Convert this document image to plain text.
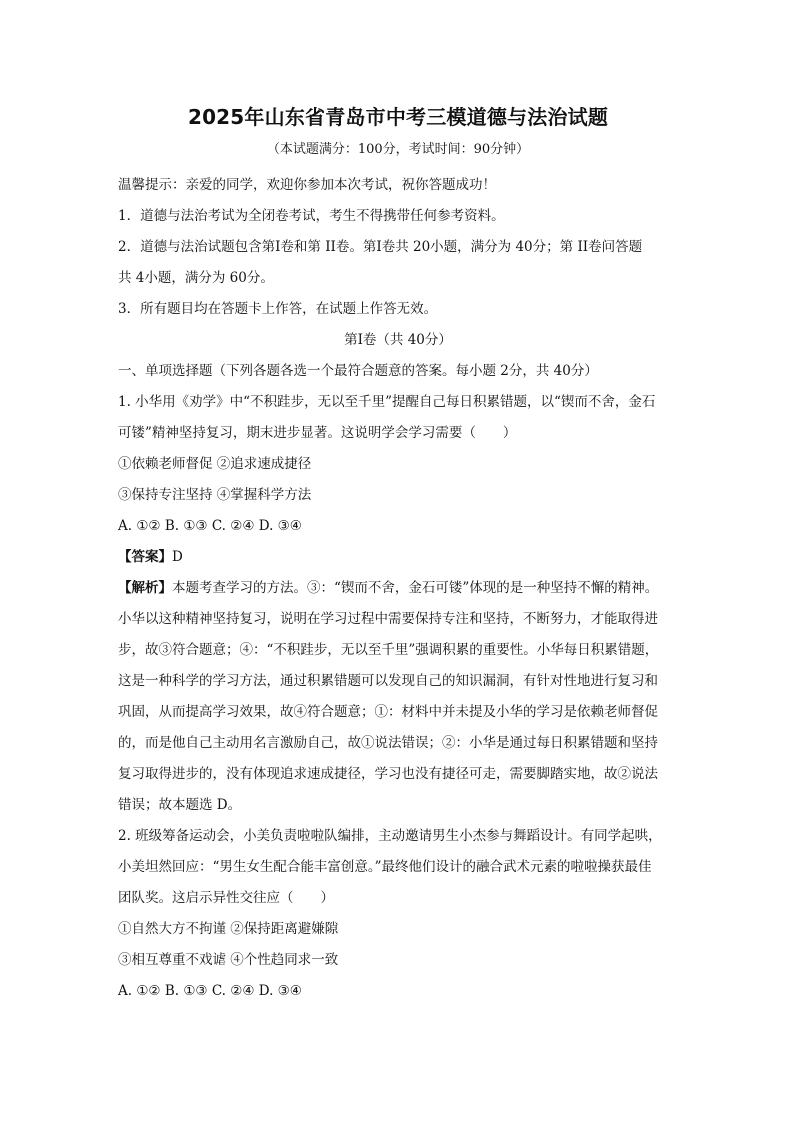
2025年山东省青岛市中考三模道德与法治试题

（本试题满分：100分，考试时间：90分钟）

温馨提示：亲爱的同学，欢迎你参加本次考试，祝你答题成功！

1．道德与法治考试为全闭卷考试，考生不得携带任何参考资料。

2．道德与法治试题包含第Ⅰ卷和第 II卷。第Ⅰ卷共 20小题，满分为 40分；第 II卷问答题

共 4小题，满分为 60分。

3．所有题目均在答题卡上作答，在试题上作答无效。

第Ⅰ卷（共 40分）

一、单项选择题（下列各题各选一个最符合题意的答案。每小题 2分，共 40分）

1. 小华用《劝学》中“不积跬步，无以至千里”提醒自己每日积累错题，以“锲而不舍，金石

可镂”精神坚持复习，期末进步显著。这说明学会学习需要（　　）

①依赖老师督促 ②追求速成捷径

③保持专注坚持 ④掌握科学方法

A. ①② B. ①③ C. ②④ D. ③④

【答案】D

【解析】本题考查学习的方法。③：“锲而不舍，金石可镂”体现的是一种坚持不懈的精神。

小华以这种精神坚持复习，说明在学习过程中需要保持专注和坚持，不断努力，才能取得进

步，故③符合题意；④：“不积跬步，无以至千里”强调积累的重要性。小华每日积累错题，

这是一种科学的学习方法，通过积累错题可以发现自己的知识漏洞，有针对性地进行复习和

巩固，从而提高学习效果，故④符合题意；①：材料中并未提及小华的学习是依赖老师督促

的，而是他自己主动用名言激励自己，故①说法错误；②：小华是通过每日积累错题和坚持

复习取得进步的，没有体现追求速成捷径，学习也没有捷径可走，需要脚踏实地，故②说法

错误；故本题选 D。

2. 班级筹备运动会，小美负责啦啦队编排，主动邀请男生小杰参与舞蹈设计。有同学起哄，

小美坦然回应：“男生女生配合能丰富创意。”最终他们设计的融合武术元素的啦啦操获最佳

团队奖。这启示异性交往应（　　）

①自然大方不拘谨 ②保持距离避嫌隙

③相互尊重不戏谑 ④个性趋同求一致

A. ①② B. ①③ C. ②④ D. ③④
